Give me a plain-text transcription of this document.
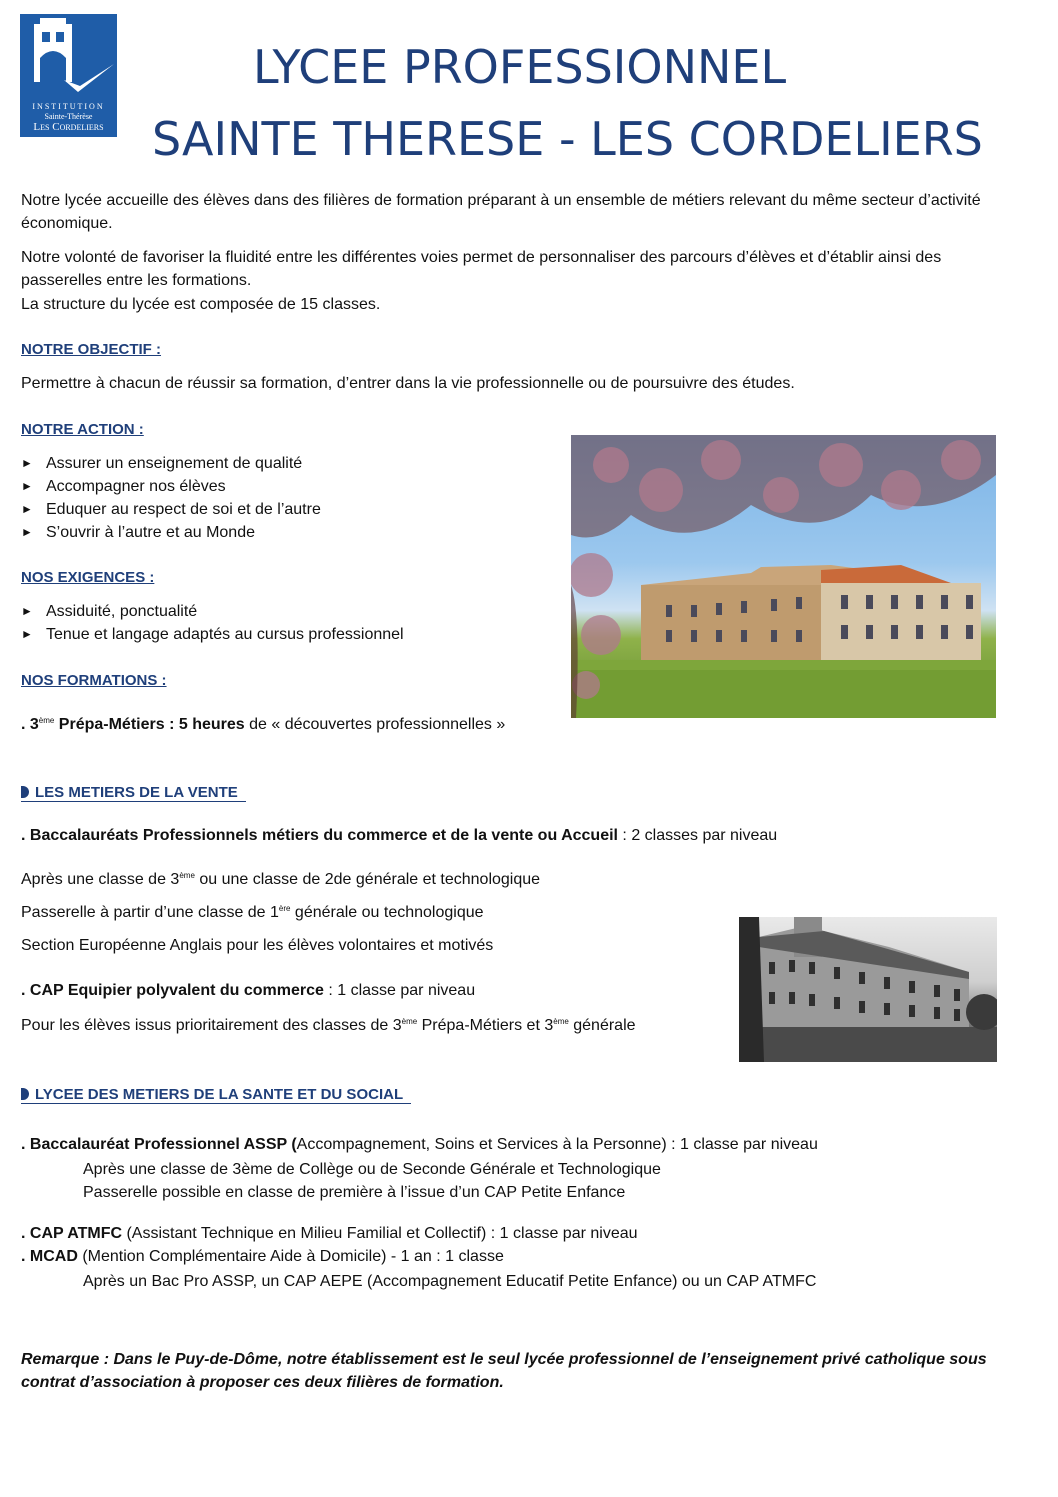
INSTITUTION
Sainte-Thérèse
Les Cordeliers
LYCEE PROFESSIONNEL
SAINTE THERESE - LES CORDELIERS
Notre lycée accueille des élèves dans des filières de formation préparant à un ensemble de métiers relevant du même secteur d’activité économique.
Notre volonté de favoriser la fluidité entre les différentes voies permet de personnaliser des parcours d’élèves et d’établir ainsi des passerelles entre les formations.
La structure du lycée est composée de 15 classes.
NOTRE OBJECTIF :
Permettre à chacun de réussir sa formation, d’entrer dans la vie professionnelle ou de poursuivre des études.
NOTRE ACTION :
► Assurer un enseignement de qualité
► Accompagner nos élèves
► Eduquer au respect de soi et de l’autre
► S’ouvrir à l’autre et au Monde
NOS EXIGENCES :
► Assiduité, ponctualité
► Tenue et langage adaptés au cursus professionnel
NOS FORMATIONS :
. 3ème Prépa-Métiers : 5 heures de « découvertes professionnelles »
LES METIERS DE LA VENTE
. Baccalauréats Professionnels métiers du commerce et de la vente ou Accueil : 2 classes par niveau
Après une classe de 3ème ou une classe de 2de générale et technologique
Passerelle à partir d’une classe de 1ère générale ou technologique
Section Européenne Anglais pour les élèves volontaires et motivés
. CAP Equipier polyvalent du commerce : 1 classe par niveau
Pour les élèves issus prioritairement des classes de 3ème Prépa-Métiers et 3ème générale
LYCEE DES METIERS DE LA SANTE ET DU SOCIAL
. Baccalauréat Professionnel ASSP (Accompagnement, Soins et Services à la Personne) : 1 classe par niveau
Après une classe de 3ème de Collège ou de Seconde Générale et Technologique
Passerelle possible en classe de première à l’issue d’un CAP Petite Enfance
. CAP ATMFC (Assistant Technique en Milieu Familial et Collectif) : 1 classe par niveau
. MCAD (Mention Complémentaire Aide à Domicile) - 1 an : 1 classe
Après un Bac Pro ASSP, un CAP AEPE (Accompagnement Educatif Petite Enfance) ou un CAP ATMFC
Remarque : Dans le Puy-de-Dôme, notre établissement est le seul lycée professionnel de l’enseignement privé catholique sous contrat d’association à proposer ces deux filières de formation.
